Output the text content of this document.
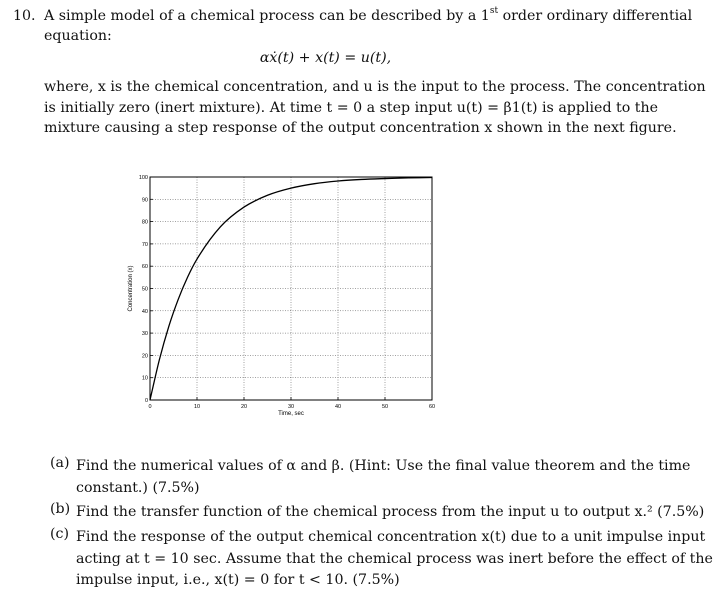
10. A simple model of a chemical process can be described by a 1st order ordinary differential
equation:
αẋ(t) + x(t) = u(t),
where, x is the chemical concentration, and u is the input to the process. The concentration
is initially zero (inert mixture). At time t = 0 a step input u(t) = β1(t) is applied to the
mixture causing a step response of the output concentration x shown in the next figure.
0	10	20	30	40	50	60
0
10
20
30
40
50
60
70
80
90
100
Time, sec
Concentration (x)
(a) Find the numerical values of α and β. (Hint: Use the final value theorem and the time
constant.) (7.5%)
(b) Find the transfer function of the chemical process from the input u to output x.² (7.5%)
(c) Find the response of the output chemical concentration x(t) due to a unit impulse input
acting at t = 10 sec. Assume that the chemical process was inert before the effect of the
impulse input, i.e., x(t) = 0 for t < 10. (7.5%)
